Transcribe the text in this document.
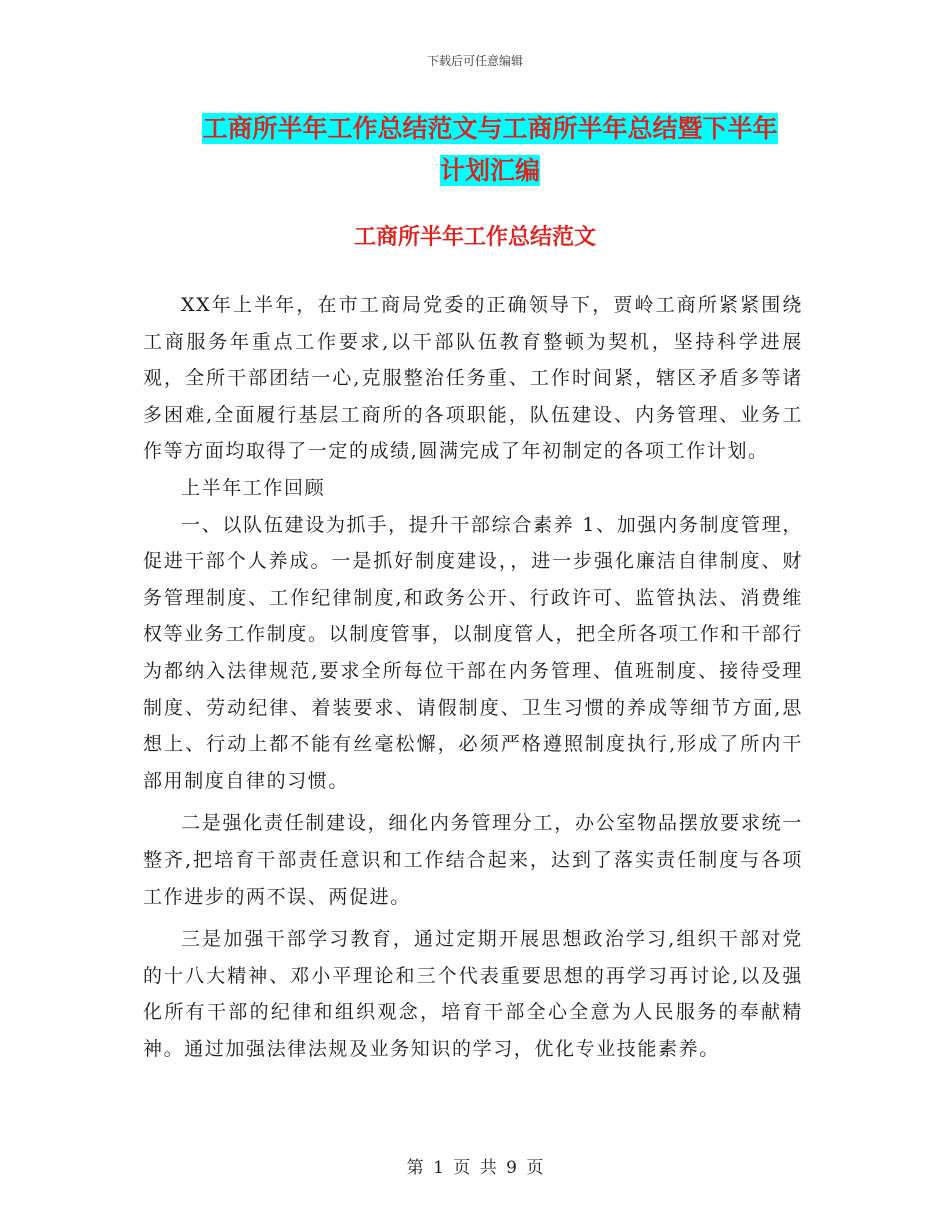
下载后可任意编辑
工商所半年工作总结范文与工商所半年总结暨下半年
计划汇编
工商所半年工作总结范文

XX年上半年，在市工商局党委的正确领导下，贾岭工商所紧紧围绕工商服务年重点工作要求,以干部队伍教育整顿为契机，坚持科学进展观，全所干部团结一心,克服整治任务重、工作时间紧，辖区矛盾多等诸多困难,全面履行基层工商所的各项职能，队伍建设、内务管理、业务工作等方面均取得了一定的成绩,圆满完成了年初制定的各项工作计划。

上半年工作回顾

一、以队伍建设为抓手，提升干部综合素养 1、加强内务制度管理，促进干部个人养成。一是抓好制度建设，，进一步强化廉洁自律制度、财务管理制度、工作纪律制度,和政务公开、行政许可、监管执法、消费维权等业务工作制度。以制度管事，以制度管人，把全所各项工作和干部行为都纳入法律规范,要求全所每位干部在内务管理、值班制度、接待受理制度、劳动纪律、着装要求、请假制度、卫生习惯的养成等细节方面,思想上、行动上都不能有丝毫松懈，必须严格遵照制度执行,形成了所内干部用制度自律的习惯。

二是强化责任制建设，细化内务管理分工，办公室物品摆放要求统一整齐,把培育干部责任意识和工作结合起来，达到了落实责任制度与各项工作进步的两不误、两促进。

三是加强干部学习教育，通过定期开展思想政治学习,组织干部对党的十八大精神、邓小平理论和三个代表重要思想的再学习再讨论,以及强化所有干部的纪律和组织观念，培育干部全心全意为人民服务的奉献精神。通过加强法律法规及业务知识的学习，优化专业技能素养。

第 1 页 共 9 页
